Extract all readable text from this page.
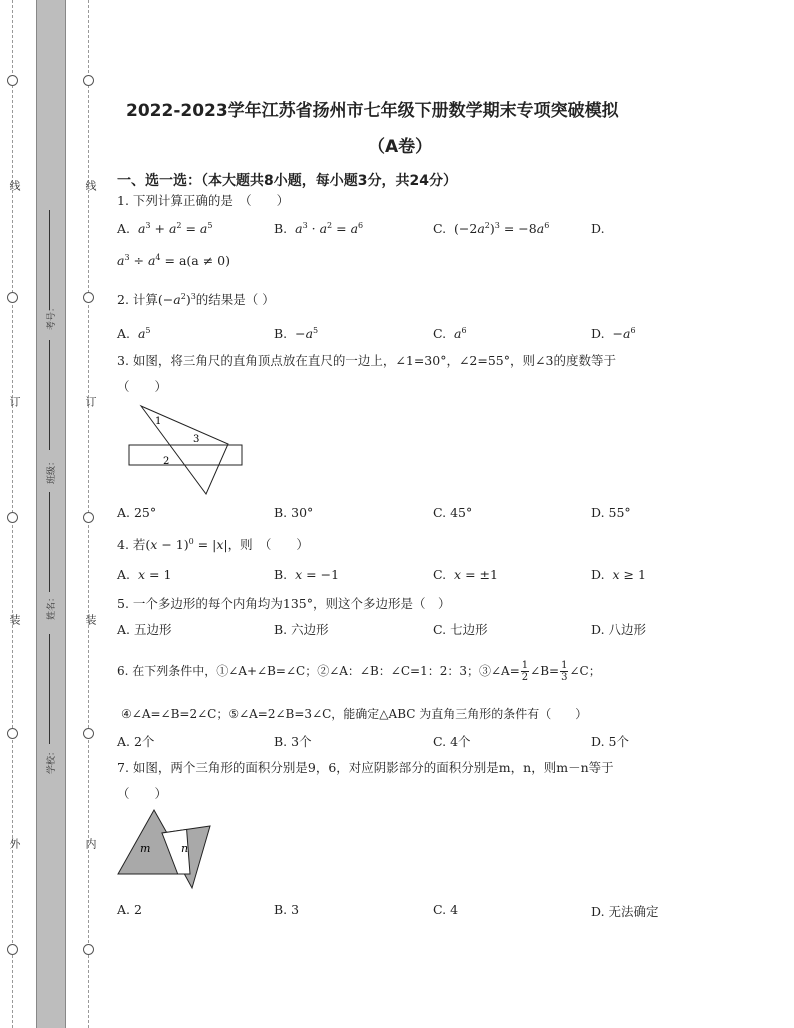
线
订
装
外
线
订
装
内
考号：
班级：
姓名：
学校：
2022-2023学年江苏省扬州市七年级下册数学期末专项突破模拟
（A卷）
一、选一选：（本大题共8小题，每小题3分，共24分）
1. 下列计算正确的是　（　　）
A. $a^3 + a^2 = a^5$	B. $a^3 \cdot a^2 = a^6$	C.  $(-2a^2)^3 = -8a^6$	D.
$a^3 \div a^4 = a(a \ne 0)$
2. 计算$(-a^2)^3$的结果是（ ）
A. $a^5$	B.  $-a^5$	C. $a^6$	D.  $-a^6$
3. 如图，将三角尺的直角顶点放在直尺的一边上，∠1=30°，∠2=55°，则∠3的度数等于
（　　）
1
3
2
A. 25°	B. 30°	C. 45°	D. 55°
4. 若$(x - 1)^0 = |x|$，则　（　　）
A. x = 1	B. x = −1	C. x = ±1	D. x ≥ 1
5. 一个多边形的每个内角均为135°，则这个多边形是（　）
A. 五边形	B. 六边形	C. 七边形	D. 八边形
6. 在下列条件中，①∠A+∠B=∠C；②∠A：∠B：∠C=1：2：3；③∠A= $\frac{1}{2}$ ∠B= $\frac{1}{3}$ ∠C；
④∠A=∠B=2∠C；⑤∠A=2∠B=3∠C，能确定△ABC 为直角三角形的条件有（　　）
A. 2个	B. 3个	C. 4个	D. 5个
7. 如图，两个三角形的面积分别是9，6，对应阴影部分的面积分别是m，n，则m－n等于
（　　）
m	n
A. 2	B. 3	C. 4	D. 无法确定
